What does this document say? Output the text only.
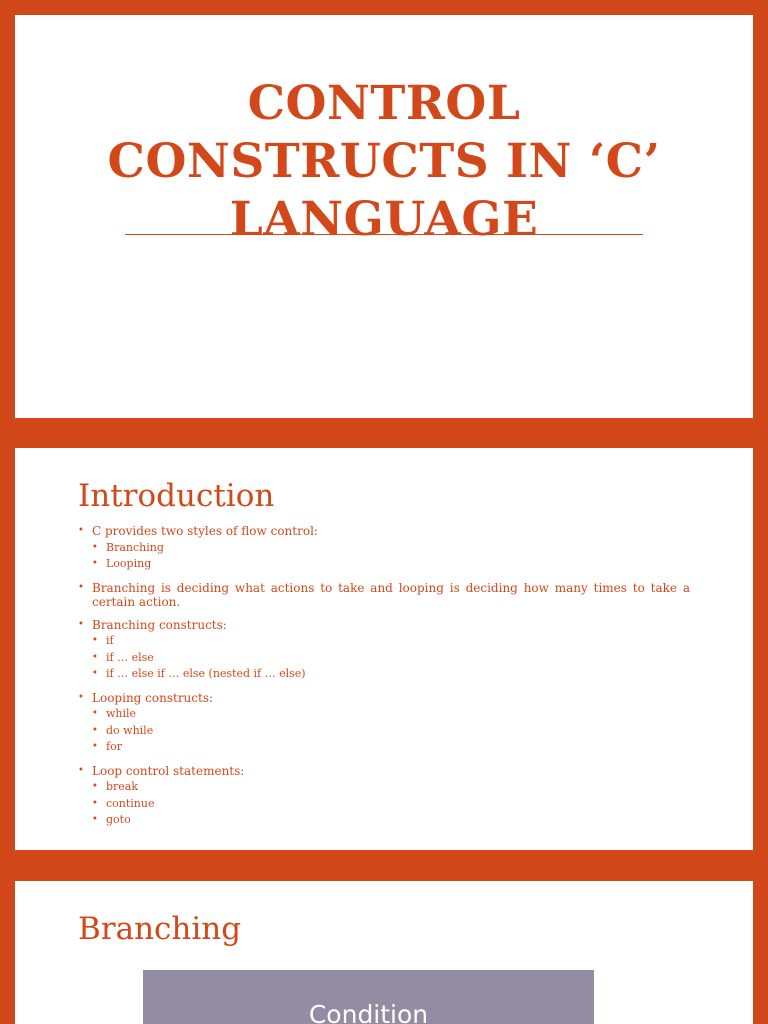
CONTROL
CONSTRUCTS IN ‘C’
LANGUAGE
Introduction
• C provides two styles of flow control:
• Branching
• Looping
• Branching is deciding what actions to take and looping is deciding how many times to take a certain action.
• Branching constructs:
• if
• if … else
• if … else if … else (nested if … else)
• Looping constructs:
• while
• do while
• for
• Loop control statements:
• break
• continue
• goto
Branching
Condition
